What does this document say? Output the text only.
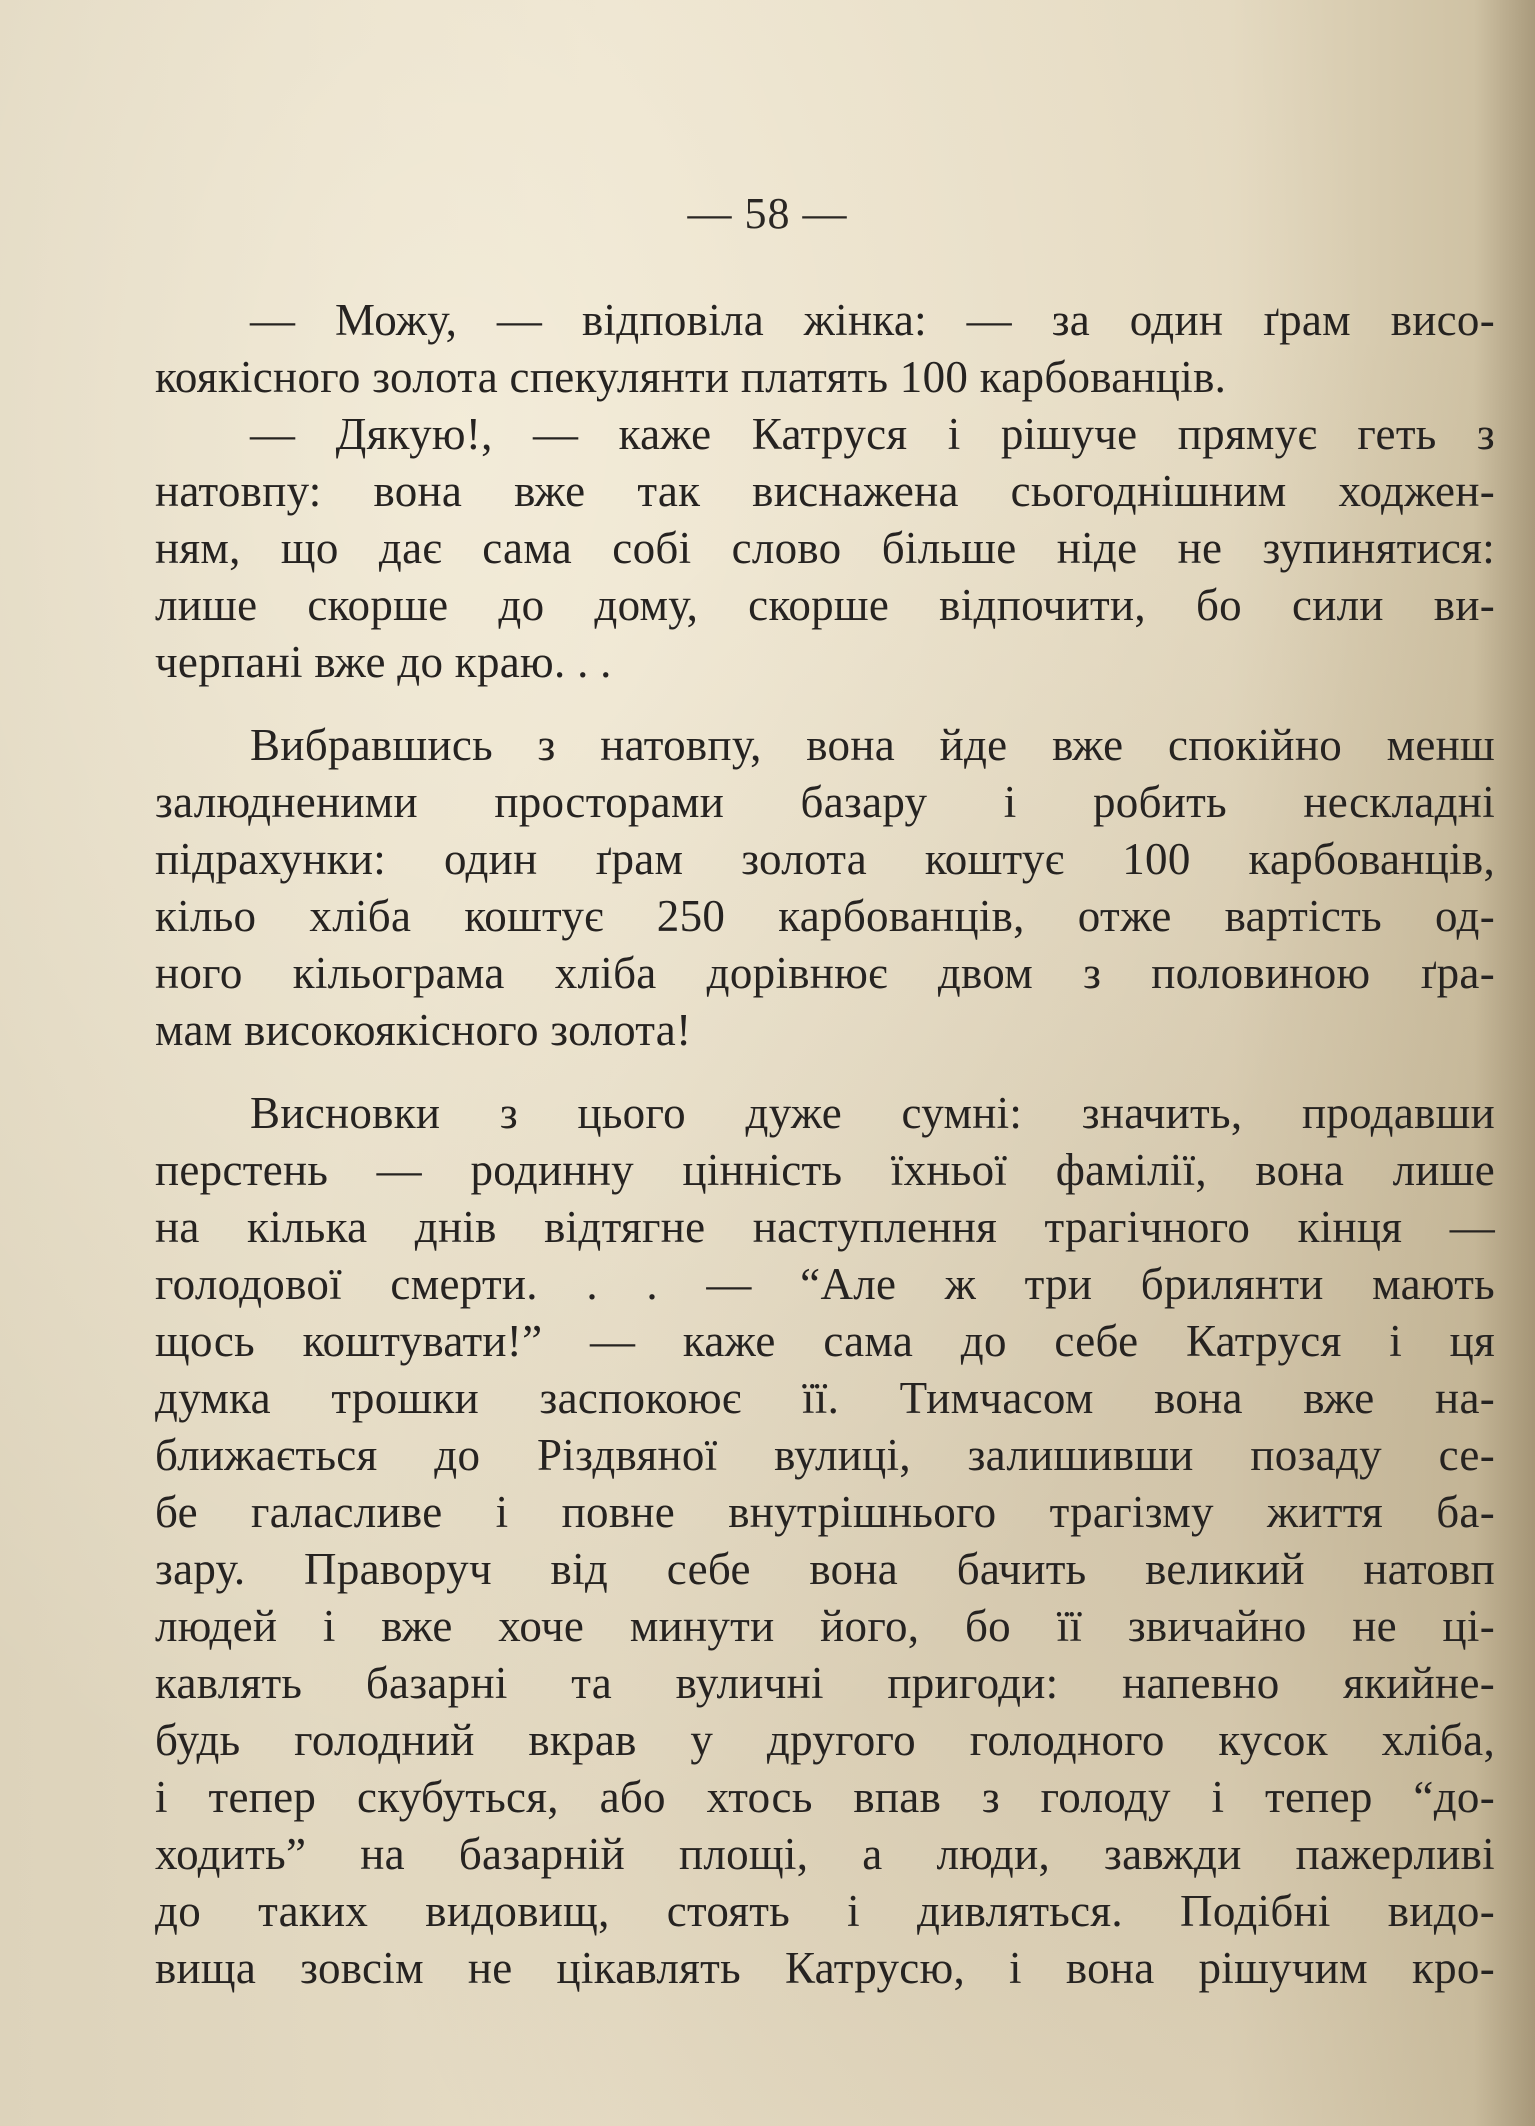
— 58 —
— Можу, — відповіла жінка: — за один ґрам висо-
коякісного золота спекулянти платять 100 карбованців.
— Дякую!, — каже Катруся і рішуче прямує геть з
натовпу: вона вже так виснажена сьогоднішним ходжен-
ням, що дає сама собі слово більше ніде не зупинятися:
лише скорше до дому, скорше відпочити, бо сили ви-
черпані вже до краю. . .
Вибравшись з натовпу, вона йде вже спокійно менш
залюдненими просторами базару і робить нескладні
підрахунки: один ґрам золота коштує 100 карбованців,
кільо хліба коштує 250 карбованців, отже вартість од-
ного кільограма хліба дорівнює двом з половиною ґра-
мам високоякісного золота!
Висновки з цього дуже сумні: значить, продавши
перстень — родинну цінність їхньої фамілії, вона лише
на кілька днів відтягне наступлення трагічного кінця —
голодової смерти. . . — “Але ж три брилянти мають
щось коштувати!” — каже сама до себе Катруся і ця
думка трошки заспокоює її. Тимчасом вона вже на-
ближається до Різдвяної вулиці, залишивши позаду се-
бе галасливе і повне внутрішнього трагізму життя ба-
зару. Праворуч від себе вона бачить великий натовп
людей і вже хоче минути його, бо її звичайно не ці-
кавлять базарні та вуличні пригоди: напевно якийне-
будь голодний вкрав у другого голодного кусок хліба,
і тепер скубуться, або хтось впав з голоду і тепер “до-
ходить” на базарній площі, а люди, завжди пажерливі
до таких видовищ, стоять і дивляться. Подібні видо-
вища зовсім не цікавлять Катрусю, і вона рішучим кро-
